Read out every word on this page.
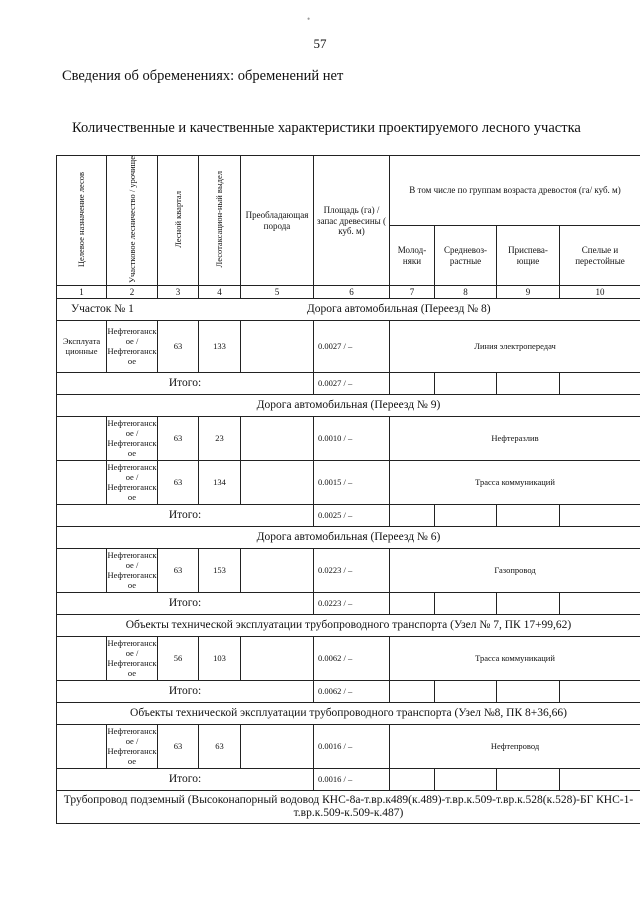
•
57
Сведения об обременениях: обременений нет
Количественные и качественные характеристики проектируемого лесного участка
Целевое назначение лесов	Участковое лесничество / урочище	Лесной квартал	Лесотаксацион-ный выдел	Преобладающая порода	Площадь (га) / запас древесины ( куб. м)	В том числе по группам возраста древостоя (га/ куб. м)			
						Молод-няки	Средневоз-растные	Приспева-ющие	Спелые и перестойные
1	2	3	4	5	6	7	8	9	10
Участок № 1		Дорога автомобильная (Переезд № 8)							
Эксплуата ционные	Нефтеюганск ое / Нефтеюганск ое	63	133		0.0027 / –	Линия электропередач			
Итого:					0.0027 / –				
Дорога автомобильная (Переезд № 9)									
	Нефтеюганск ое / Нефтеюганск ое	63	23		0.0010 / –	Нефтеразлив			
	Нефтеюганск ое / Нефтеюганск ое	63	134		0.0015 / –	Трасса коммуникаций			
Итого:					0.0025 / –				
Дорога автомобильная (Переезд № 6)									
	Нефтеюганск ое / Нефтеюганск ое	63	153		0.0223 / –	Газопровод			
Итого:					0.0223 / –				
Объекты технической эксплуатации трубопроводного транспорта (Узел № 7, ПК 17+99,62)									
	Нефтеюганск ое / Нефтеюганск ое	56	103		0.0062 / –	Трасса коммуникаций			
Итого:					0.0062 / –				
Объекты технической эксплуатации трубопроводного транспорта (Узел №8, ПК 8+36,66)									
	Нефтеюганск ое / Нефтеюганск ое	63	63		0.0016 / –	Нефтепровод			
Итого:					0.0016 / –				
Трубопровод подземный (Высоконапорный водовод КНС-8а-т.вр.к489(к.489)-т.вр.к.509-т.вр.к.528(к.528)-БГ КНС-1-т.вр.к.509-к.509-к.487)									
